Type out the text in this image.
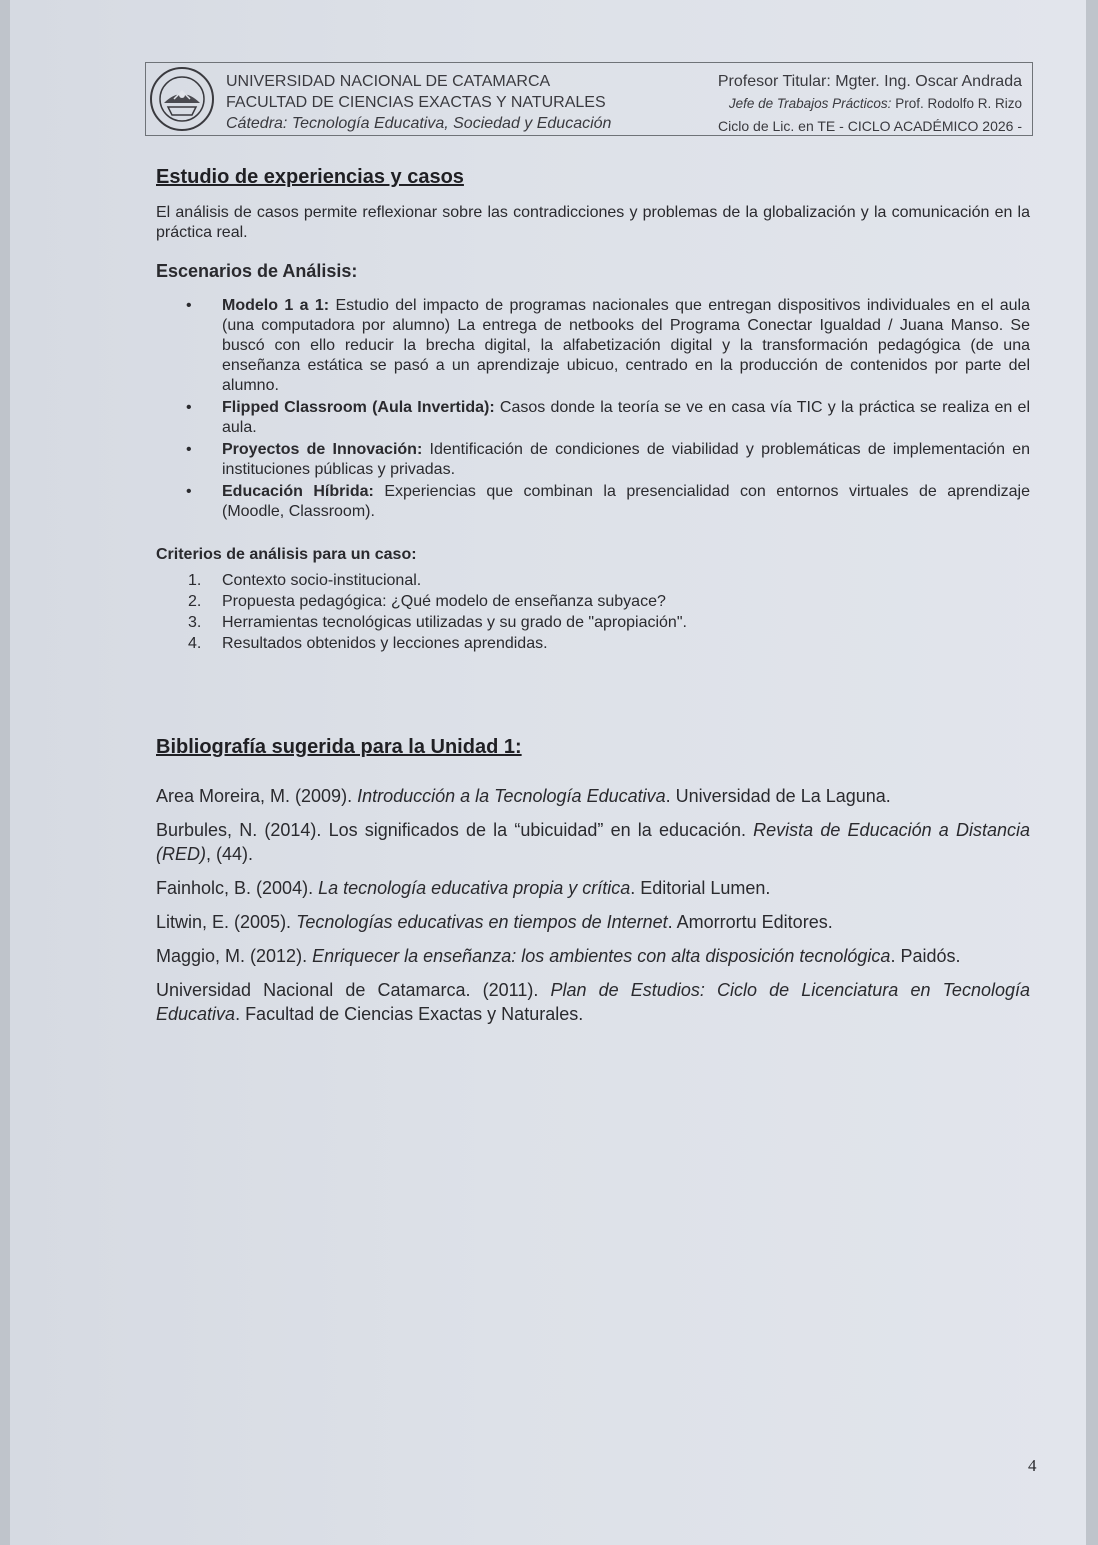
UNIVERSIDAD NACIONAL DE CATAMARCA
FACULTAD DE CIENCIAS EXACTAS Y NATURALES
Cátedra: Tecnología Educativa, Sociedad y Educación
Profesor Titular: Mgter. Ing. Oscar Andrada
Jefe de Trabajos Prácticos: Prof. Rodolfo R. Rizo
Ciclo de Lic. en TE - CICLO ACADÉMICO 2026 -
Estudio de experiencias y casos

El análisis de casos permite reflexionar sobre las contradicciones y problemas de la globalización y la comunicación en la práctica real.

Escenarios de Análisis:
• Modelo 1 a 1: Estudio del impacto de programas nacionales que entregan dispositivos individuales en el aula (una computadora por alumno) La entrega de netbooks del Programa Conectar Igualdad / Juana Manso. Se buscó con ello reducir la brecha digital, la alfabetización digital y la transformación pedagógica (de una enseñanza estática se pasó a un aprendizaje ubicuo, centrado en la producción de contenidos por parte del alumno.
• Flipped Classroom (Aula Invertida): Casos donde la teoría se ve en casa vía TIC y la práctica se realiza en el aula.
• Proyectos de Innovación: Identificación de condiciones de viabilidad y problemáticas de implementación en instituciones públicas y privadas.
• Educación Híbrida: Experiencias que combinan la presencialidad con entornos virtuales de aprendizaje (Moodle, Classroom).
Criterios de análisis para un caso:
1. Contexto socio-institucional.
2. Propuesta pedagógica: ¿Qué modelo de enseñanza subyace?
3. Herramientas tecnológicas utilizadas y su grado de "apropiación".
4. Resultados obtenidos y lecciones aprendidas.
Bibliografía sugerida para la Unidad 1:

Area Moreira, M. (2009). Introducción a la Tecnología Educativa. Universidad de La Laguna.

Burbules, N. (2014). Los significados de la “ubicuidad” en la educación. Revista de Educación a Distancia (RED), (44).

Fainholc, B. (2004). La tecnología educativa propia y crítica. Editorial Lumen.

Litwin, E. (2005). Tecnologías educativas en tiempos de Internet. Amorrortu Editores.

Maggio, M. (2012). Enriquecer la enseñanza: los ambientes con alta disposición tecnológica. Paidós.

Universidad Nacional de Catamarca. (2011). Plan de Estudios: Ciclo de Licenciatura en Tecnología Educativa. Facultad de Ciencias Exactas y Naturales.

4
